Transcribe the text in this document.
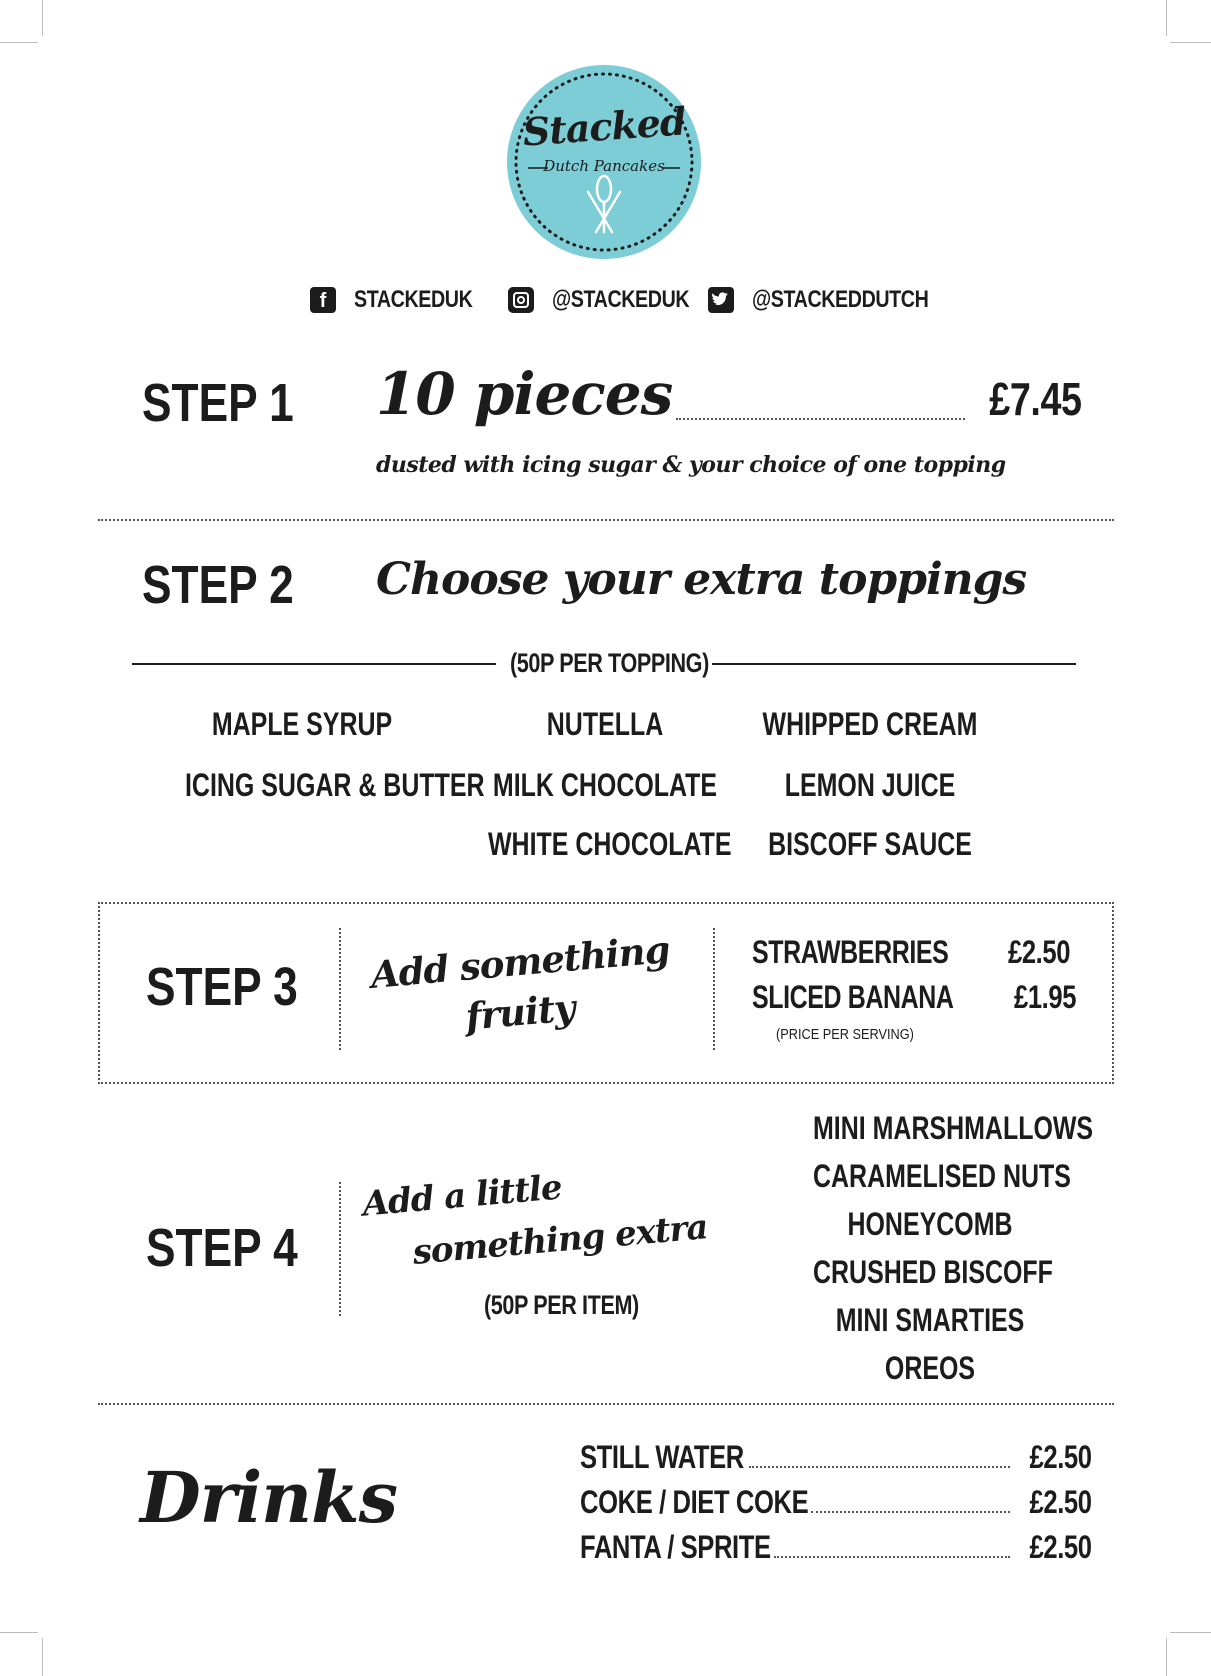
Stacked
Dutch Pancakes
f	STACKEDUK	@STACKEDUK	@STACKEDDUTCH
STEP 1 10 pieces	£7.45
dusted with icing sugar & your choice of one topping
STEP 2 Choose your extra toppings
(50P PER TOPPING)
MAPLE SYRUP	NUTELLA	WHIPPED CREAM
ICING SUGAR & BUTTER MILK CHOCOLATE	LEMON JUICE
WHITE CHOCOLATE	BISCOFF SAUCE
STEP 3	Add something
fruity
STRAWBERRIES £2.50
SLICED BANANA £1.95
(PRICE PER SERVING)
STEP 4
Add a little
something extra
(50P PER ITEM)
MINI MARSHMALLOWS
CARAMELISED NUTS
HONEYCOMB
CRUSHED BISCOFF
MINI SMARTIES
OREOS
Drinks	STILL WATER	£2.50
COKE / DIET COKE	£2.50
FANTA / SPRITE	£2.50
